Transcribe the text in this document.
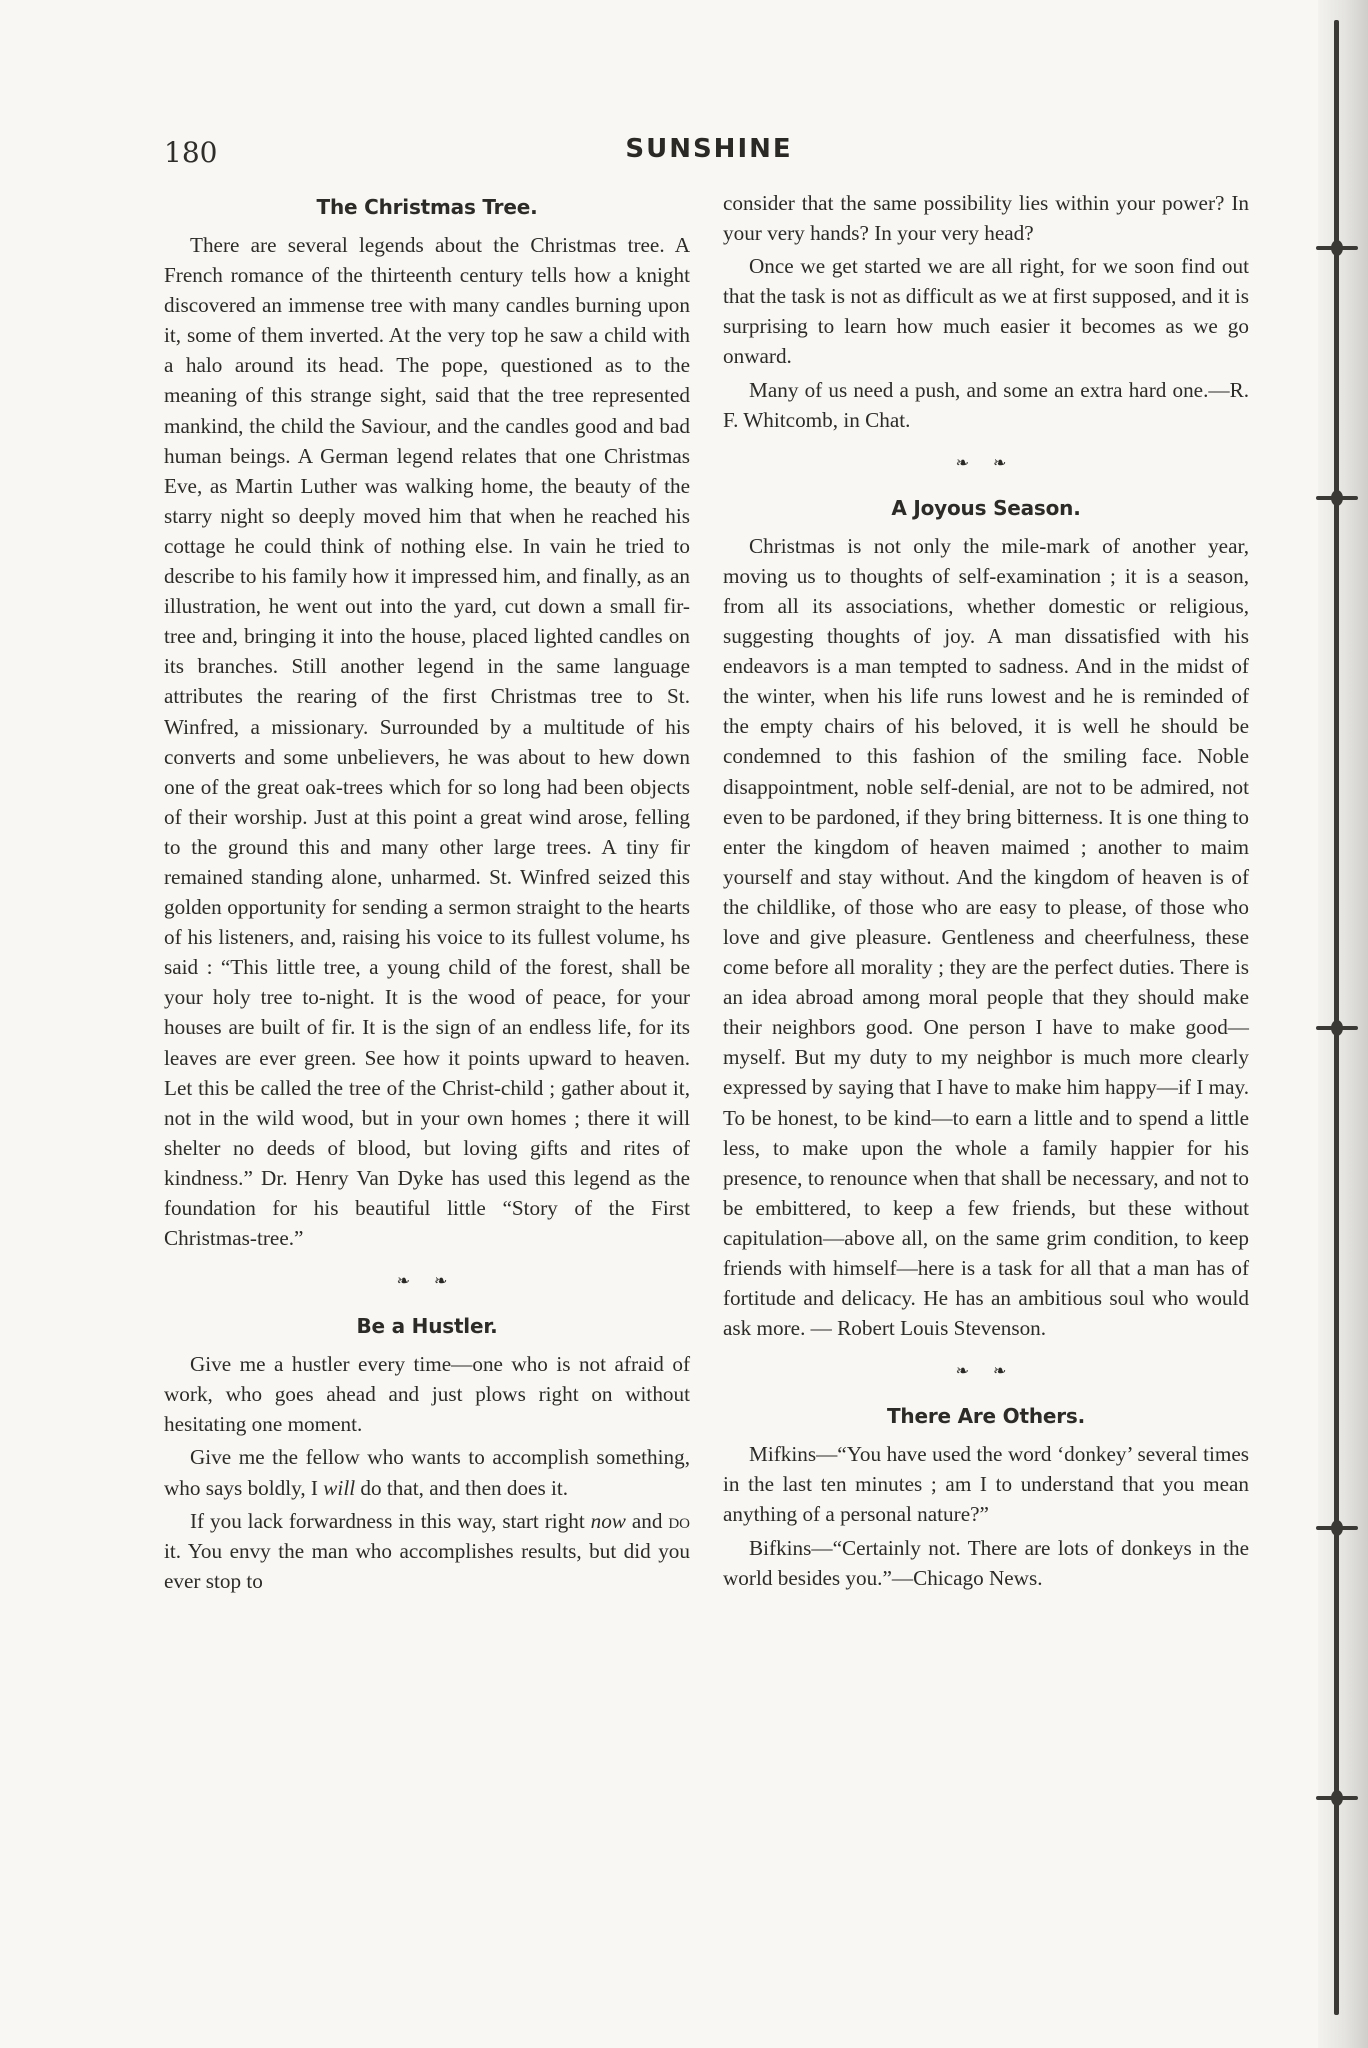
180	SUNSHINE
The Christmas Tree.

There are several legends about the Christmas tree. A French romance of the thirteenth century tells how a knight discovered an immense tree with many candles burning upon it, some of them inverted. At the very top he saw a child with a halo around its head. The pope, questioned as to the meaning of this strange sight, said that the tree represented mankind, the child the Saviour, and the candles good and bad human beings. A German legend relates that one Christmas Eve, as Martin Luther was walking home, the beauty of the starry night so deeply moved him that when he reached his cottage he could think of nothing else. In vain he tried to describe to his family how it impressed him, and finally, as an illustration, he went out into the yard, cut down a small fir-tree and, bringing it into the house, placed lighted candles on its branches. Still another legend in the same language attributes the rearing of the first Christmas tree to St. Winfred, a missionary. Surrounded by a multitude of his converts and some unbelievers, he was about to hew down one of the great oak-trees which for so long had been objects of their worship. Just at this point a great wind arose, felling to the ground this and many other large trees. A tiny fir remained standing alone, unharmed. St. Winfred seized this golden opportunity for sending a sermon straight to the hearts of his listeners, and, raising his voice to its fullest volume, hs said : “This little tree, a young child of the forest, shall be your holy tree to-night. It is the wood of peace, for your houses are built of fir. It is the sign of an endless life, for its leaves are ever green. See how it points upward to heaven. Let this be called the tree of the Christ-child ; gather about it, not in the wild wood, but in your own homes ; there it will shelter no deeds of blood, but loving gifts and rites of kindness.” Dr. Henry Van Dyke has used this legend as the foundation for his beautiful little “Story of the First Christmas-tree.”

❧ ❧
Be a Hustler.

Give me a hustler every time—one who is not afraid of work, who goes ahead and just plows right on without hesitating one moment.

Give me the fellow who wants to accomplish something, who says boldly, I will do that, and then does it.

If you lack forwardness in this way, start right now and do it. You envy the man who accomplishes results, but did you ever stop to

consider that the same possibility lies within your power? In your very hands? In your very head?

Once we get started we are all right, for we soon find out that the task is not as difficult as we at first supposed, and it is surprising to learn how much easier it becomes as we go onward.

Many of us need a push, and some an extra hard one.—R. F. Whitcomb, in Chat.

❧ ❧
A Joyous Season.

Christmas is not only the mile-mark of another year, moving us to thoughts of self-examination ; it is a season, from all its associations, whether domestic or religious, suggesting thoughts of joy. A man dissatisfied with his endeavors is a man tempted to sadness. And in the midst of the winter, when his life runs lowest and he is reminded of the empty chairs of his beloved, it is well he should be condemned to this fashion of the smiling face. Noble disappointment, noble self-denial, are not to be admired, not even to be pardoned, if they bring bitterness. It is one thing to enter the kingdom of heaven maimed ; another to maim yourself and stay without. And the kingdom of heaven is of the childlike, of those who are easy to please, of those who love and give pleasure. Gentleness and cheerfulness, these come before all morality ; they are the perfect duties. There is an idea abroad among moral people that they should make their neighbors good. One person I have to make good—myself. But my duty to my neighbor is much more clearly expressed by saying that I have to make him happy—if I may. To be honest, to be kind—to earn a little and to spend a little less, to make upon the whole a family happier for his presence, to renounce when that shall be necessary, and not to be embittered, to keep a few friends, but these without capitulation—above all, on the same grim condition, to keep friends with himself—here is a task for all that a man has of fortitude and delicacy. He has an ambitious soul who would ask more. — Robert Louis Stevenson.

❧ ❧
There Are Others.

Mifkins—“You have used the word ‘donkey’ several times in the last ten minutes ; am I to understand that you mean anything of a personal nature?”

Bifkins—“Certainly not. There are lots of donkeys in the world besides you.”—Chicago News.
